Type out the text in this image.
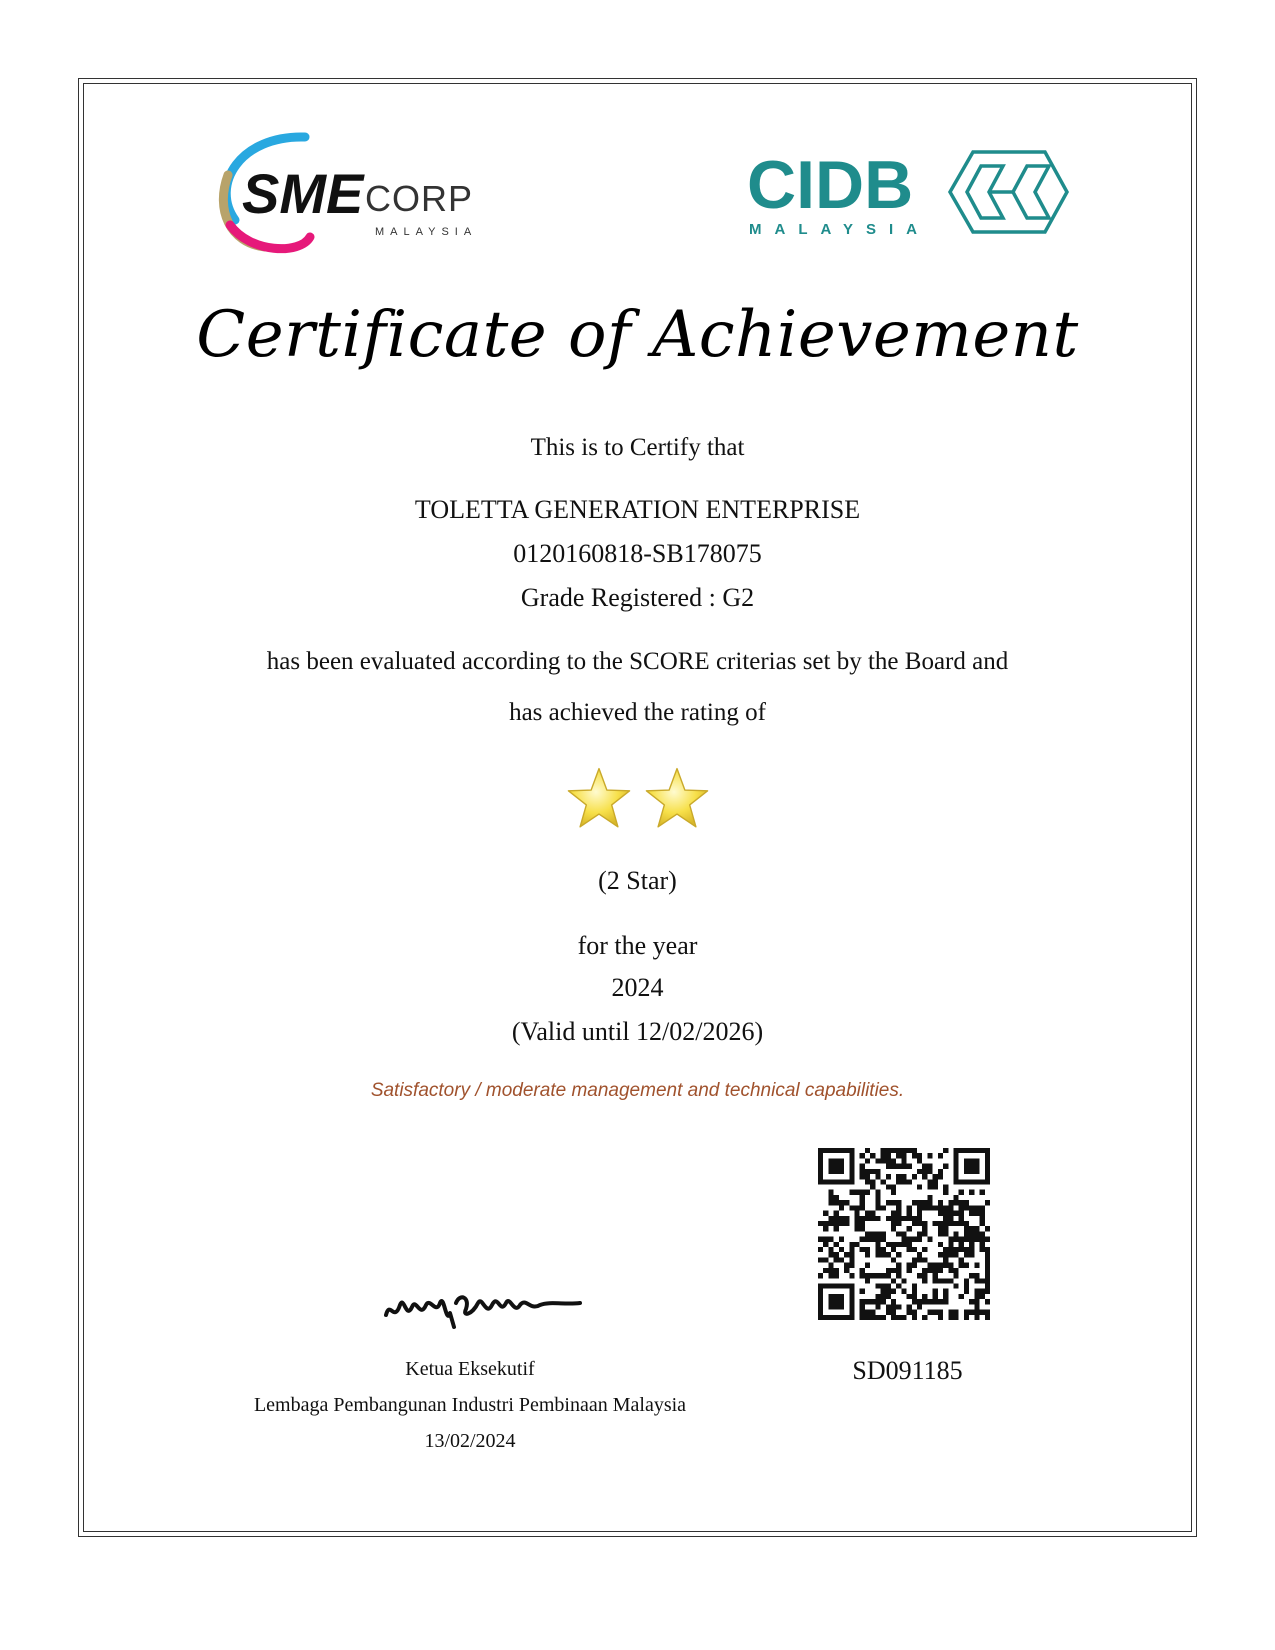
SME CORP
MALAYSIA
CIDB
MALAYSIA
Certificate of Achievement
This is to Certify that
TOLETTA GENERATION ENTERPRISE
0120160818-SB178075
Grade Registered : G2
has been evaluated according to the SCORE criterias set by the Board and
has achieved the rating of
(2 Star)
for the year
2024
(Valid until 12/02/2026)
Satisfactory / moderate management and technical capabilities.
Ketua Eksekutif
Lembaga Pembangunan Industri Pembinaan Malaysia
13/02/2024
SD091185
